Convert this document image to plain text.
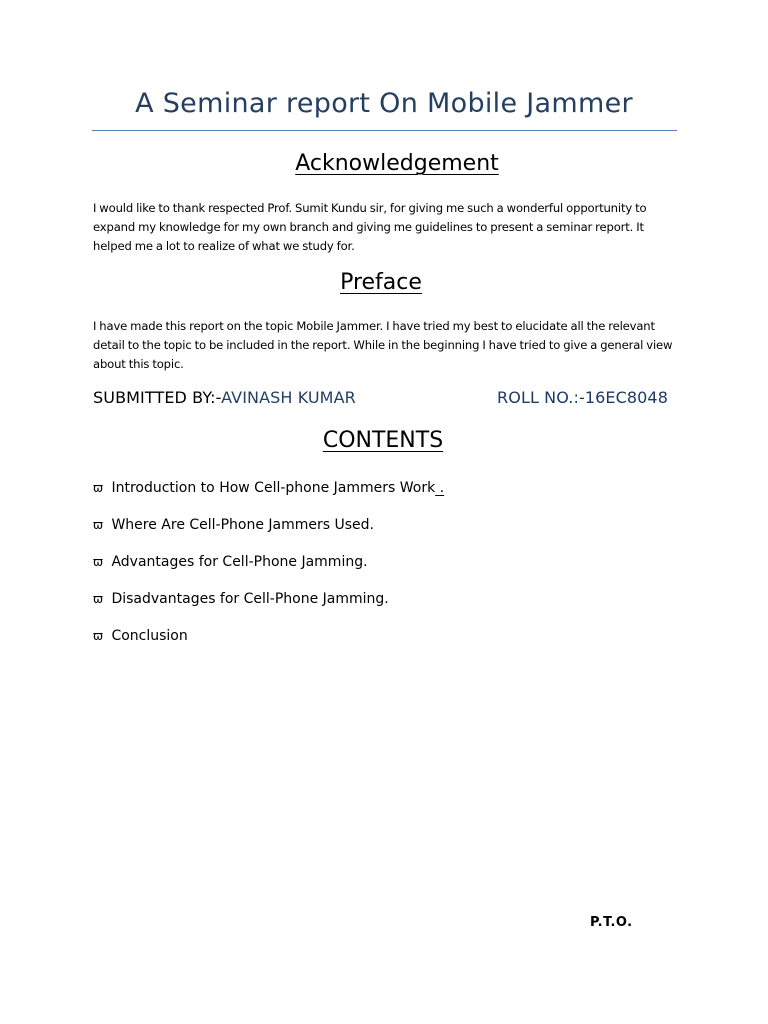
A Seminar report On Mobile Jammer
Acknowledgement

I would like to thank respected Prof. Sumit Kundu sir, for giving me such a wonderful opportunity to expand my knowledge for my own branch and giving me guidelines to present a seminar report. It helped me a lot to realize of what we study for.

Preface

I have made this report on the topic Mobile Jammer. I have tried my best to elucidate all the relevant detail to the topic to be included in the report. While in the beginning I have tried to give a general view about this topic.

SUBMITTED BY:-AVINASH KUMAR	ROLL NO.:-16EC8048
CONTENTS
ϖ Introduction to How Cell-phone Jammers Work .
ϖ Where Are Cell-Phone Jammers Used.
ϖ Advantages for Cell-Phone Jamming.
ϖ Disadvantages for Cell-Phone Jamming.
ϖ Conclusion
P.T.O.
